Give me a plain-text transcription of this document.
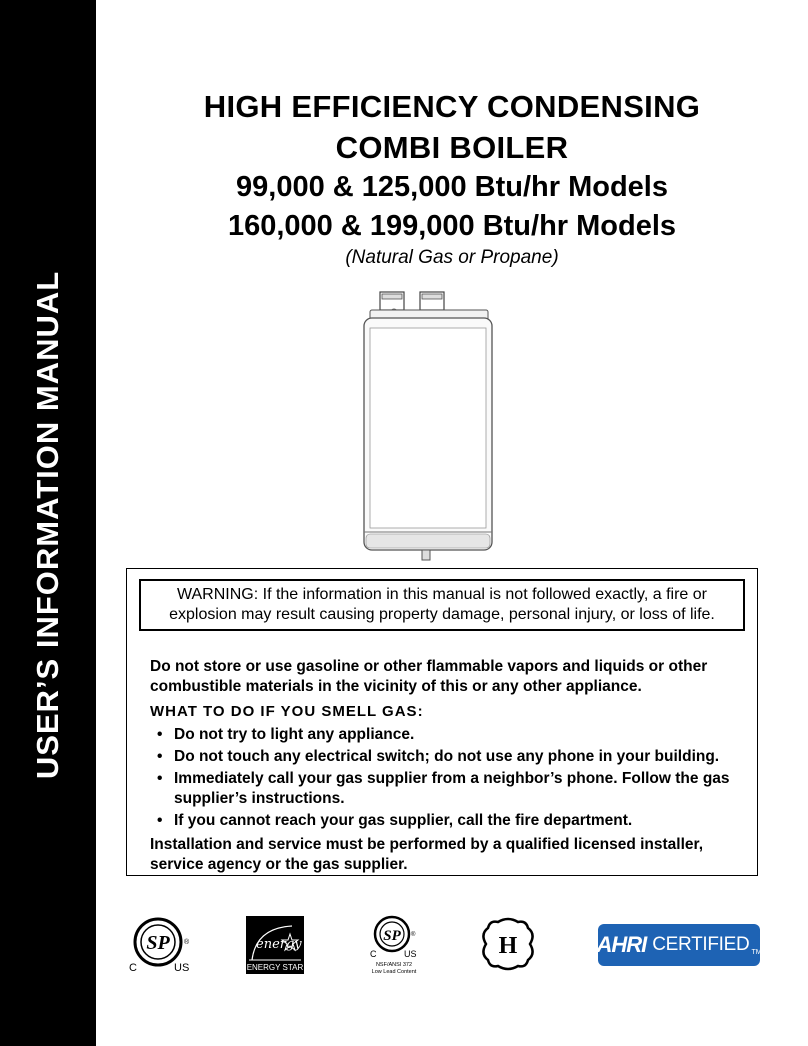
USER’S INFORMATION MANUAL
HIGH EFFICIENCY CONDENSING
COMBI BOILER
99,000 & 125,000 Btu/hr Models
160,000 & 199,000 Btu/hr Models
(Natural Gas or Propane)
WARNING: If the information in this manual is not followed exactly, a fire or explosion may result causing property damage, personal injury, or loss of life.
Do not store or use gasoline or other flammable vapors and liquids or other combustible materials in the vicinity of this or any other appliance.
WHAT TO DO IF YOU SMELL GAS:
• Do not try to light any appliance.
• Do not touch any electrical switch; do not use any phone in your building.
• Immediately call your gas supplier from a neighbor’s phone. Follow the gas supplier’s instructions.
• If you cannot reach your gas supplier, call the fire department.
Installation and service must be performed by a qualified licensed installer, service agency or the gas supplier.
SP ®
C	US
energy
ENERGY STAR
SP ®
C	US
NSF/ANSI 372
Low Lead Content
H	AHRI CERTIFIED TM
